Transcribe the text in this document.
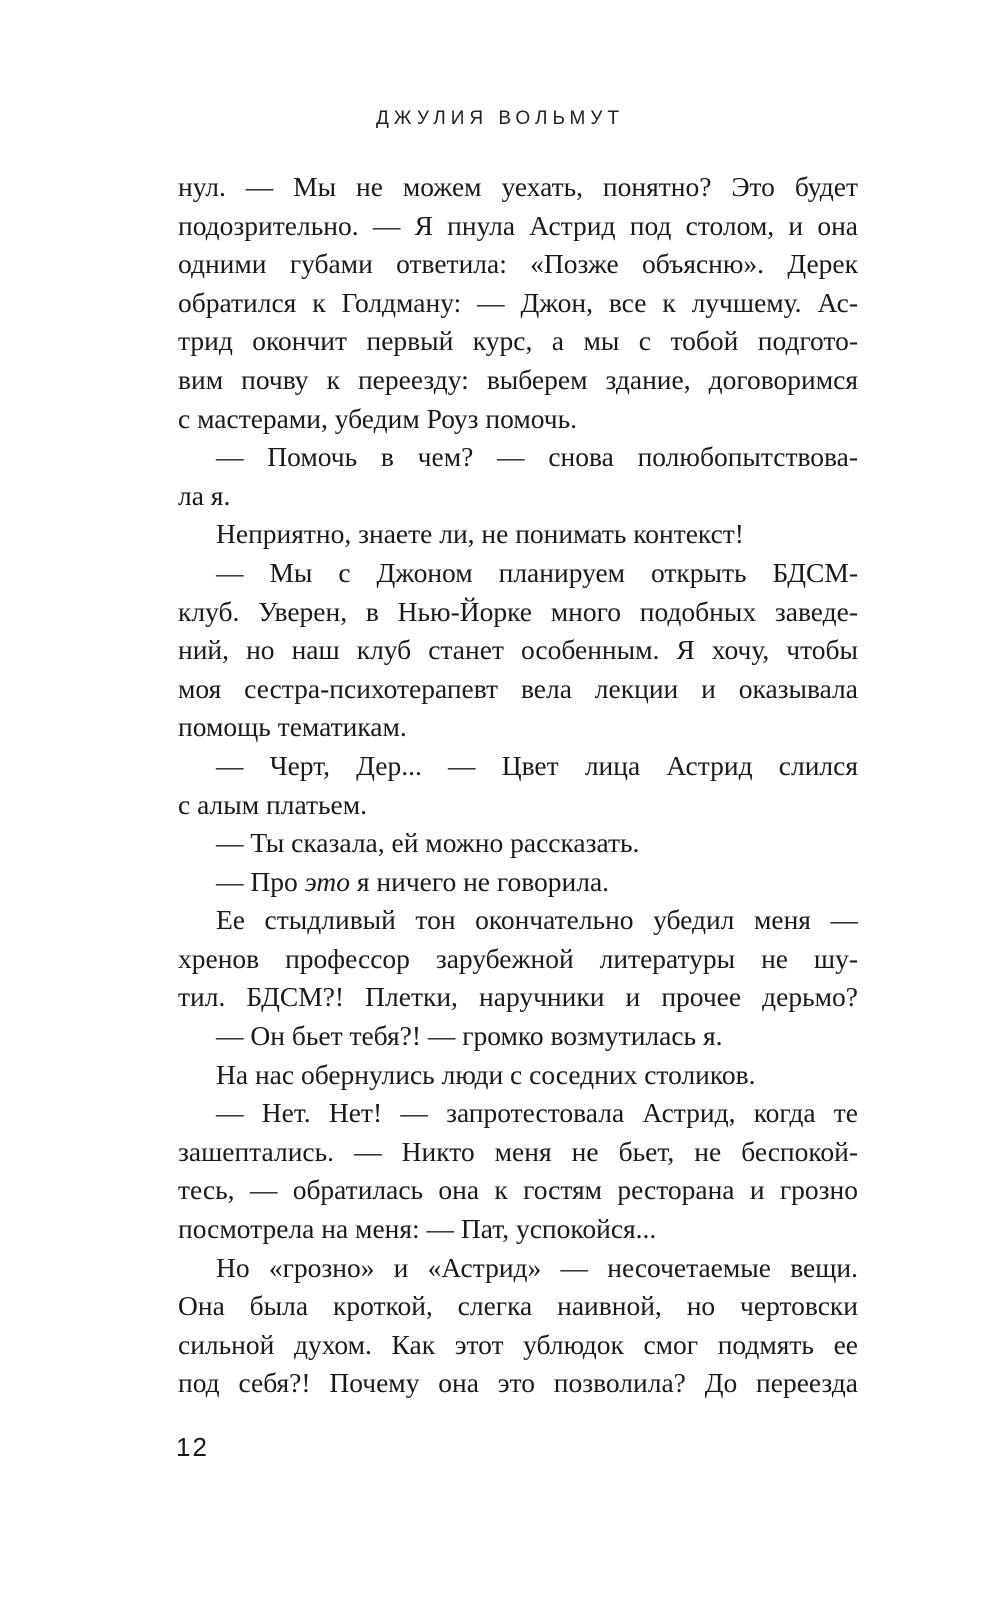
ДЖУЛИЯ ВОЛЬМУТ
нул. — Мы не можем уехать, понятно? Это будет
подозрительно. — Я пнула Астрид под столом, и она
одними губами ответила: «Позже объясню». Дерек
обратился к Голдману: — Джон, все к лучшему. Ас-
трид окончит первый курс, а мы с тобой подгото-
вим почву к переезду: выберем здание, договоримся
с мастерами, убедим Роуз помочь.
— Помочь в чем? — снова полюбопытствова-
ла я.
Неприятно, знаете ли, не понимать контекст!
— Мы с Джоном планируем открыть БДСМ-
клуб. Уверен, в Нью-Йорке много подобных заведе-
ний, но наш клуб станет особенным. Я хочу, чтобы
моя сестра-психотерапевт вела лекции и оказывала
помощь тематикам.
— Черт, Дер... — Цвет лица Астрид слился
с алым платьем.
— Ты сказала, ей можно рассказать.
— Про это я ничего не говорила.
Ее стыдливый тон окончательно убедил меня —
хренов профессор зарубежной литературы не шу-
тил. БДСМ?! Плетки, наручники и прочее дерьмо?
— Он бьет тебя?! — громко возмутилась я.
На нас обернулись люди с соседних столиков.
— Нет. Нет! — запротестовала Астрид, когда те
зашептались. — Никто меня не бьет, не беспокой-
тесь, — обратилась она к гостям ресторана и грозно
посмотрела на меня: — Пат, успокойся...
Но «грозно» и «Астрид» — несочетаемые вещи.
Она была кроткой, слегка наивной, но чертовски
сильной духом. Как этот ублюдок смог подмять ее
под себя?! Почему она это позволила? До переезда
12
